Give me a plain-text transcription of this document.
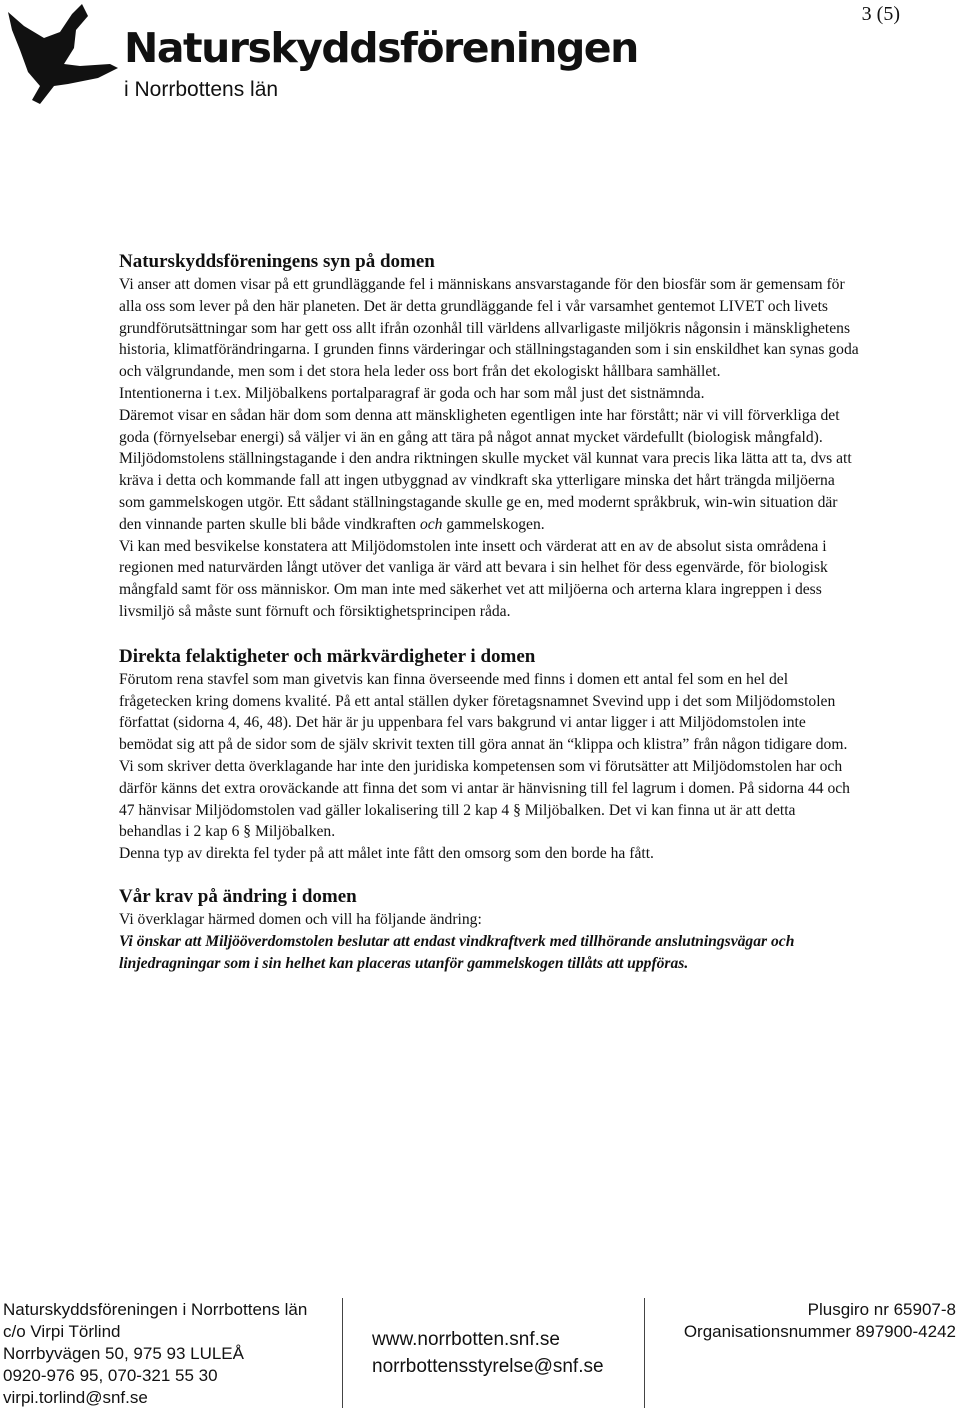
3 (5)
Naturskyddsföreningen
i Norrbottens län
Naturskyddsföreningens syn på domen

Vi anser att domen visar på ett grundläggande fel i människans ansvarstagande för den biosfär som är gemensam för alla oss som lever på den här planeten. Det är detta grundläggande fel i vår varsamhet gentemot LIVET och livets grundförutsättningar som har gett oss allt ifrån ozonhål till världens allvarligaste miljökris någonsin i mänsklighetens historia, klimatförändringarna. I grunden finns värderingar och ställningstaganden som i sin enskildhet kan synas goda och välgrundande, men som i det stora hela leder oss bort från det ekologiskt hållbara samhället.

Intentionerna i t.ex. Miljöbalkens portalparagraf är goda och har som mål just det sistnämnda.

Däremot visar en sådan här dom som denna att mänskligheten egentligen inte har förstått; när vi vill förverkliga det goda (förnyelsebar energi) så väljer vi än en gång att tära på något annat mycket värdefullt (biologisk mångfald).

Miljödomstolens ställningstagande i den andra riktningen skulle mycket väl kunnat vara precis lika lätta att ta, dvs att kräva i detta och kommande fall att ingen utbyggnad av vindkraft ska ytterligare minska det hårt trängda miljöerna som gammelskogen utgör. Ett sådant ställningstagande skulle ge en, med modernt språkbruk, win-win situation där den vinnande parten skulle bli både vindkraften och gammelskogen.

Vi kan med besvikelse konstatera att Miljödomstolen inte insett och värderat att en av de absolut sista områdena i regionen med naturvärden långt utöver det vanliga är värd att bevara i sin helhet för dess egenvärde, för biologisk mångfald samt för oss människor. Om man inte med säkerhet vet att miljöerna och arterna klara ingreppen i dess livsmiljö så måste sunt förnuft och försiktighetsprincipen råda.

Direkta felaktigheter och märkvärdigheter i domen

Förutom rena stavfel som man givetvis kan finna överseende med finns i domen ett antal fel som en hel del frågetecken kring domens kvalité. På ett antal ställen dyker företagsnamnet Svevind upp i det som Miljödomstolen författat (sidorna 4, 46, 48). Det här är ju uppenbara fel vars bakgrund vi antar ligger i att Miljödomstolen inte bemödat sig att på de sidor som de själv skrivit texten till göra annat än “klippa och klistra” från någon tidigare dom.

Vi som skriver detta överklagande har inte den juridiska kompetensen som vi förutsätter att Miljödomstolen har och därför känns det extra oroväckande att finna det som vi antar är hänvisning till fel lagrum i domen. På sidorna 44 och 47 hänvisar Miljödomstolen vad gäller lokalisering till 2 kap 4 § Miljöbalken. Det vi kan finna ut är att detta behandlas i 2 kap 6 § Miljöbalken.

Denna typ av direkta fel tyder på att målet inte fått den omsorg som den borde ha fått.

Vår krav på ändring i domen

Vi överklagar härmed domen och vill ha följande ändring:

Vi önskar att Miljööverdomstolen beslutar att endast vindkraftverk med tillhörande anslutningsvägar och linjedragningar som i sin helhet kan placeras utanför gammelskogen tillåts att uppföras.

Naturskyddsföreningen i Norrbottens län
c/o Virpi Törlind
Norrbyvägen 50, 975 93 LULEÅ
0920-976 95, 070-321 55 30
virpi.torlind@snf.se
www.norrbotten.snf.se
norrbottensstyrelse@snf.se
Plusgiro nr 65907-8
Organisationsnummer 897900-4242
